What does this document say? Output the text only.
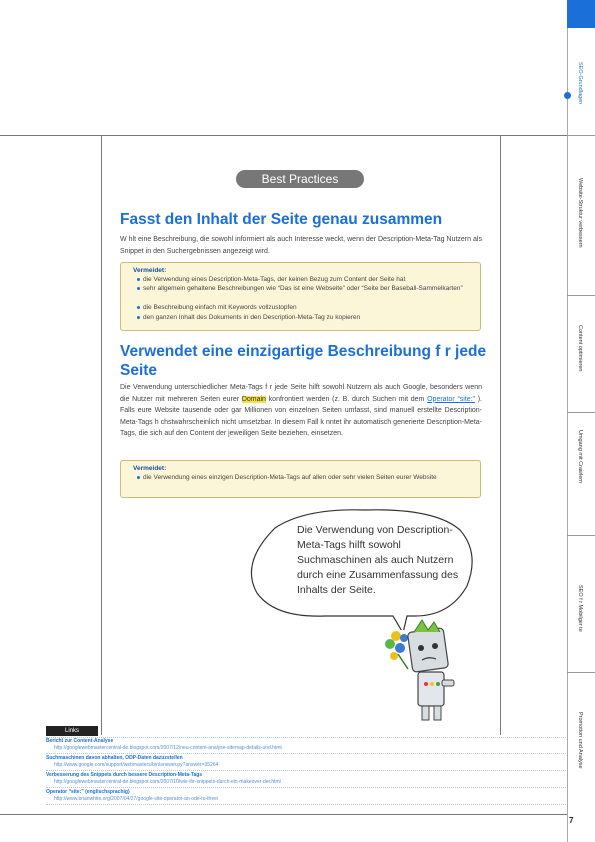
SEO-Grundlagen
Website-Struktur verbessern
Content optimieren
Umgang mit Crawlern
SEO f r Mobilger te
Promotion und Analyse
7
Best Practices
Fasst den Inhalt der Seite genau zusammen
W hlt eine Beschreibung, die sowohl informiert als auch Interesse weckt, wenn der Description-Meta-Tag Nutzern als Snippet in den Suchergebnissen angezeigt wird.
Vermeidet:
die Verwendung eines Description-Meta-Tags, der keinen Bezug zum Content der Seite hat
sehr allgemein gehaltene Beschreibungen wie “Das ist eine Webseite” oder “Seite ber Baseball-Sammelkarten”
die Beschreibung einfach mit Keywords vollzustopfen
den ganzen Inhalt des Dokuments in den Description-Meta-Tag zu kopieren
Verwendet eine einzigartige Beschreibung f r jede Seite
Die Verwendung unterschiedlicher Meta-Tags f r jede Seite hilft sowohl Nutzern als auch Google, besonders wenn die Nutzer mit mehreren Seiten eurer Domain konfrontiert werden (z. B. durch Suchen mit dem Operator “site:” ). Falls eure Website tausende oder gar Millionen von einzelnen Seiten umfasst, sind manuell erstellte Description-Meta-Tags h chstwahrscheinlich nicht umsetzbar. In diesem Fall k nntet ihr automatisch generierte Description-Meta-Tags, die sich auf den Content der jeweiligen Seite beziehen, einsetzen.
Vermeidet:
die Verwendung eines einzigen Description-Meta-Tags auf allen oder sehr vielen Seiten eurer Website
Die Verwendung von Description-Meta-Tags hilft sowohl Suchmaschinen als auch Nutzern durch eine Zusammenfassung des Inhalts der Seite.
Links
Bericht zur Content-Analyse
http://googlewebmastercentral-de.blogspot.com/2007/12/neu-content-analyse-sitemap-details-und.html
Suchmaschinen davon abhalten, ODP-Daten dazuzstellen
http://www.google.com/support/webmasters/bin/answer.py?answer=35264
Verbesserung des Snippets durch bessere Description-Meta-Tags
http://googlewebmastercentral-de.blogspot.com/2007/10/wie-ihr-snippets-durch-ein-makeover-der.html
Operator “site:” (englischsprachig)
http://www.brianwhite.org/2007/04/27/google-site-operator-an-ode-to-thee/
